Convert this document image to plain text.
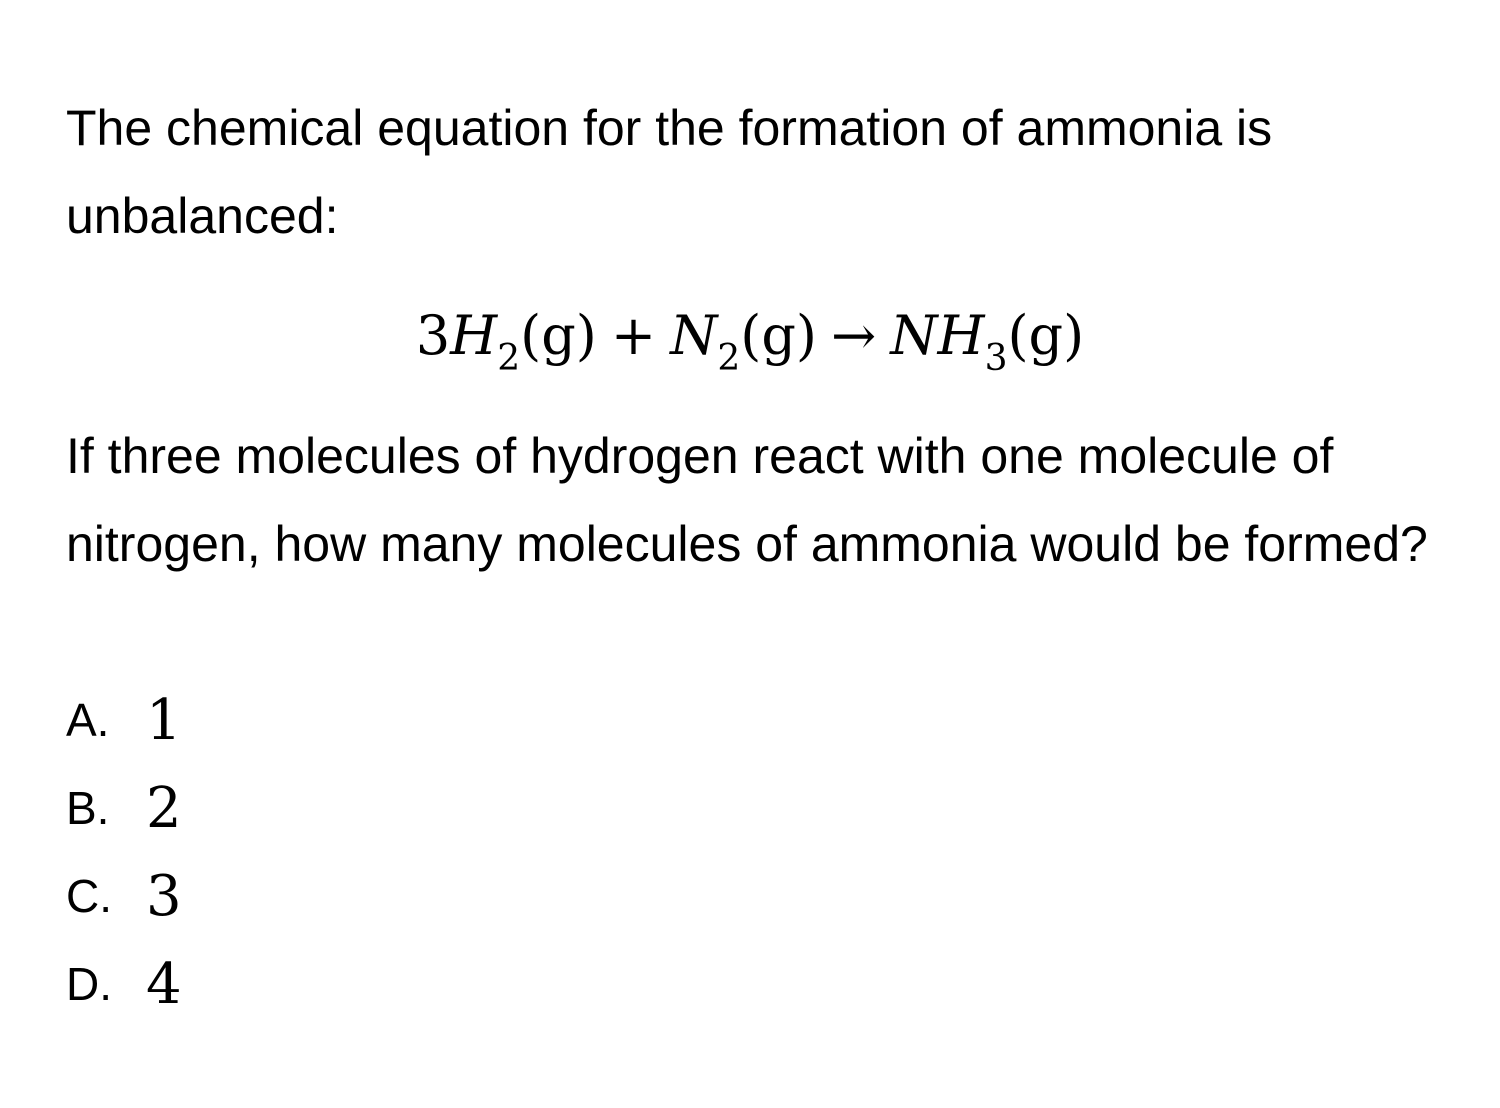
The chemical equation for the formation of ammonia is unbalanced:

$3H_2(g) + N_2(g) \to NH_3(g)$

If three molecules of hydrogen react with one molecule of nitrogen, how many molecules of ammonia would be formed?

A. 1
B. 2
C. 3
D. 4
